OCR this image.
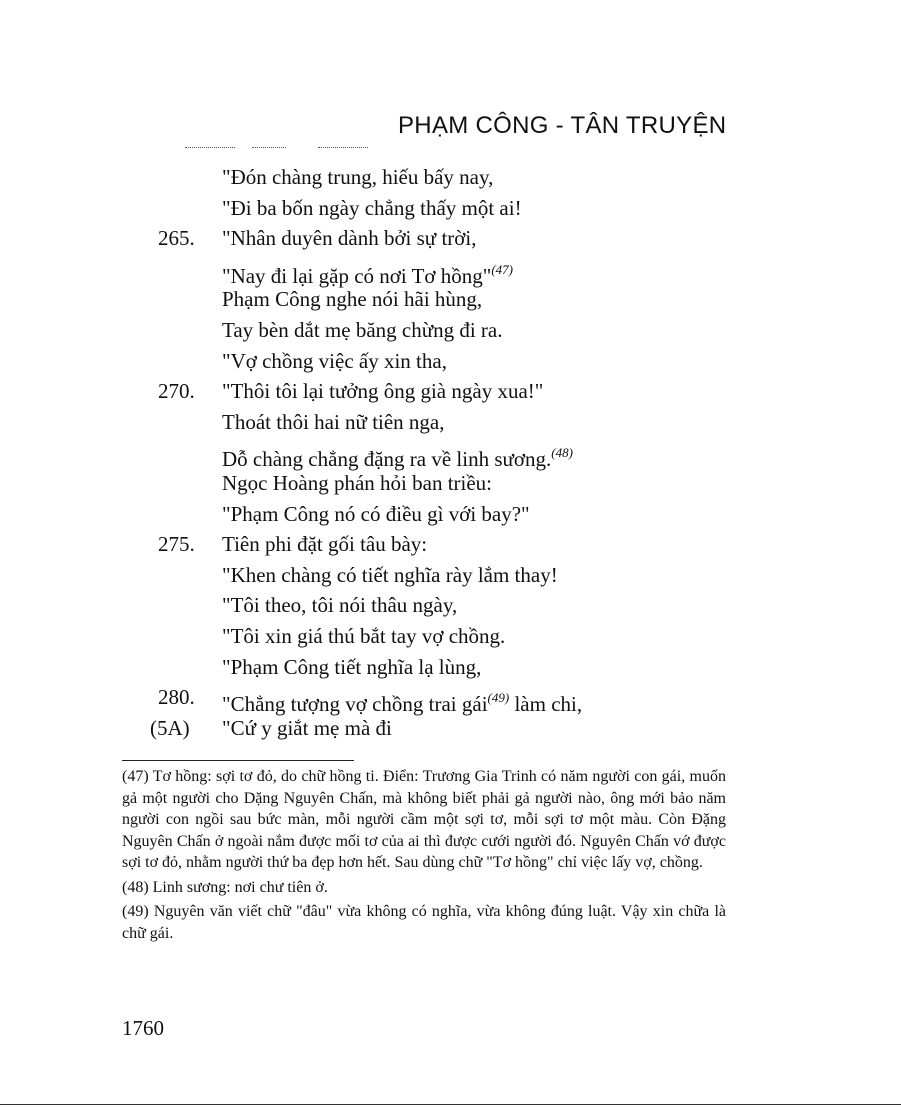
PHẠM CÔNG - TÂN TRUYỆN
"Đón chàng trung, hiếu bấy nay,
"Đi ba bốn ngày chẳng thấy một ai!
265. "Nhân duyên dành bởi sự trời,
"Nay đi lại gặp có nơi Tơ hồng"$^{(47)}$
Phạm Công nghe nói hãi hùng,
Tay bèn dắt mẹ băng chừng đi ra.
"Vợ chồng việc ấy xin tha,
270. "Thôi tôi lại tưởng ông già ngày xua!"
Thoát thôi hai nữ tiên nga,
Dỗ chàng chẳng đặng ra về linh sương.$^{(48)}$
Ngọc Hoàng phán hỏi ban triều:
"Phạm Công nó có điều gì với bay?"
275. Tiên phi đặt gối tâu bày:
"Khen chàng có tiết nghĩa rày lắm thay!
"Tôi theo, tôi nói thâu ngày,
"Tôi xin giá thú bắt tay vợ chồng.
"Phạm Công tiết nghĩa lạ lùng,
280. "Chẳng tượng vợ chồng trai gái$^{(49)}$ làm chi,
(5A) "Cứ y giắt mẹ mà đi

(47) Tơ hồng: sợi tơ đỏ, do chữ hồng ti. Điển: Trương Gia Trinh có năm người con gái, muốn gả một người cho Dặng Nguyên Chấn, mà không biết phải gả người nào, ông mới bảo năm người con ngồi sau bức màn, mỗi người cầm một sợi tơ, mỗi sợi tơ một màu. Còn Đặng Nguyên Chấn ở ngoài nắm được mối tơ của ai thì được cưới người đó. Nguyên Chấn vớ được sợi tơ đỏ, nhằm người thứ ba đẹp hơn hết. Sau dùng chữ "Tơ hồng" chỉ việc lấy vợ, chồng.

(48) Linh sương: nơi chư tiên ở.

(49) Nguyên văn viết chữ "đâu" vừa không có nghĩa, vừa không đúng luật. Vậy xin chữa là chữ gái.

1760
